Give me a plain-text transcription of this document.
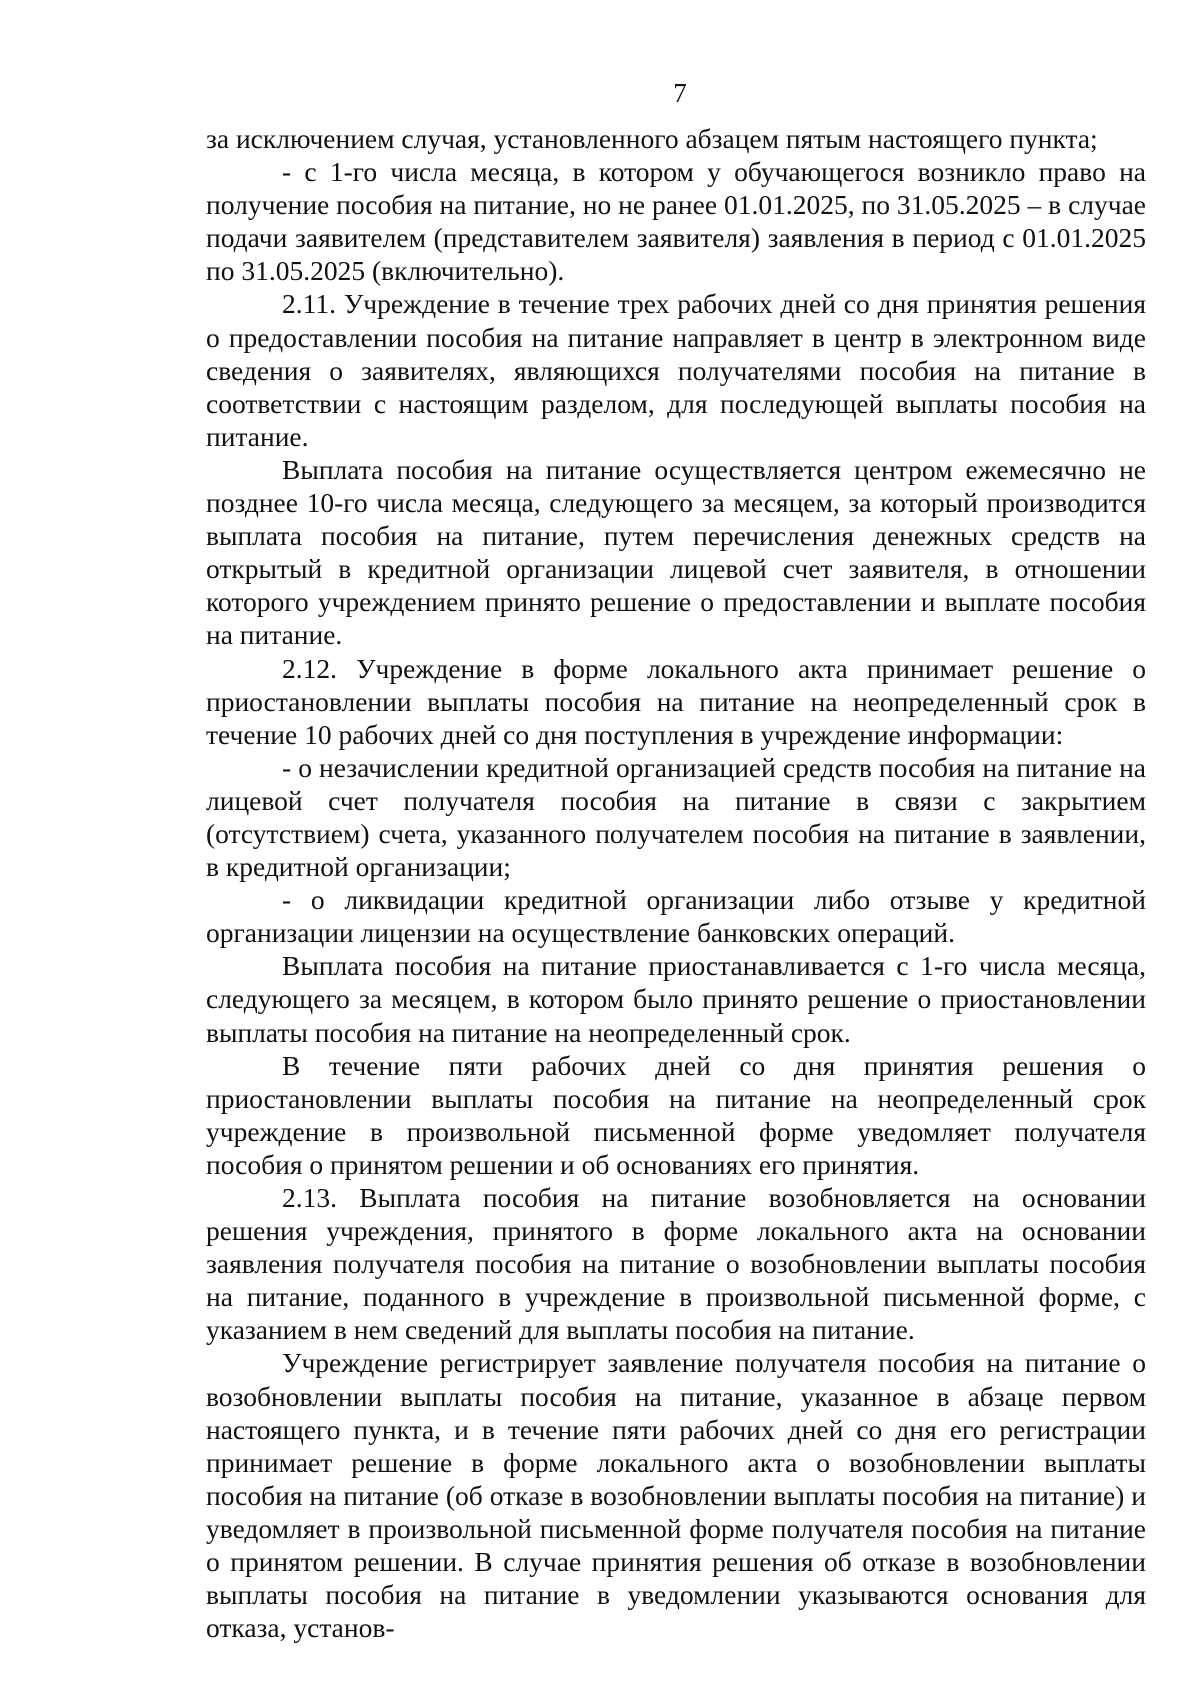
7

за исключением случая, установленного абзацем пятым настоящего пункта;

- с 1-го числа месяца, в котором у обучающегося возникло право на получение пособия на питание, но не ранее 01.01.2025, по 31.05.2025 – в случае подачи заявителем (представителем заявителя) заявления в период с 01.01.2025 по 31.05.2025 (включительно).

2.11. Учреждение в течение трех рабочих дней со дня принятия решения о предоставлении пособия на питание направляет в центр в электронном виде сведения о заявителях, являющихся получателями пособия на питание в соответствии с настоящим разделом, для последующей выплаты пособия на питание.

Выплата пособия на питание осуществляется центром ежемесячно не позднее 10-го числа месяца, следующего за месяцем, за который производится выплата пособия на питание, путем перечисления денежных средств на открытый в кредитной организации лицевой счет заявителя, в отношении которого учреждением принято решение о предоставлении и выплате пособия на питание.

2.12. Учреждение в форме локального акта принимает решение о приостановлении выплаты пособия на питание на неопределенный срок в течение 10 рабочих дней со дня поступления в учреждение информации:

- о незачислении кредитной организацией средств пособия на питание на лицевой счет получателя пособия на питание в связи с закрытием (отсутствием) счета, указанного получателем пособия на питание в заявлении, в кредитной организации;

- о ликвидации кредитной организации либо отзыве у кредитной организации лицензии на осуществление банковских операций.

Выплата пособия на питание приостанавливается с 1-го числа месяца, следующего за месяцем, в котором было принято решение о приостановлении выплаты пособия на питание на неопределенный срок.

В течение пяти рабочих дней со дня принятия решения о приостановлении выплаты пособия на питание на неопределенный срок учреждение в произвольной письменной форме уведомляет получателя пособия о принятом решении и об основаниях его принятия.

2.13. Выплата пособия на питание возобновляется на основании решения учреждения, принятого в форме локального акта на основании заявления получателя пособия на питание о возобновлении выплаты пособия на питание, поданного в учреждение в произвольной письменной форме, с указанием в нем сведений для выплаты пособия на питание.

Учреждение регистрирует заявление получателя пособия на питание о возобновлении выплаты пособия на питание, указанное в абзаце первом настоящего пункта, и в течение пяти рабочих дней со дня его регистрации принимает решение в форме локального акта о возобновлении выплаты пособия на питание (об отказе в возобновлении выплаты пособия на питание) и уведомляет в произвольной письменной форме получателя пособия на питание о принятом решении. В случае принятия решения об отказе в возобновлении выплаты пособия на питание в уведомлении указываются основания для отказа, установ-
